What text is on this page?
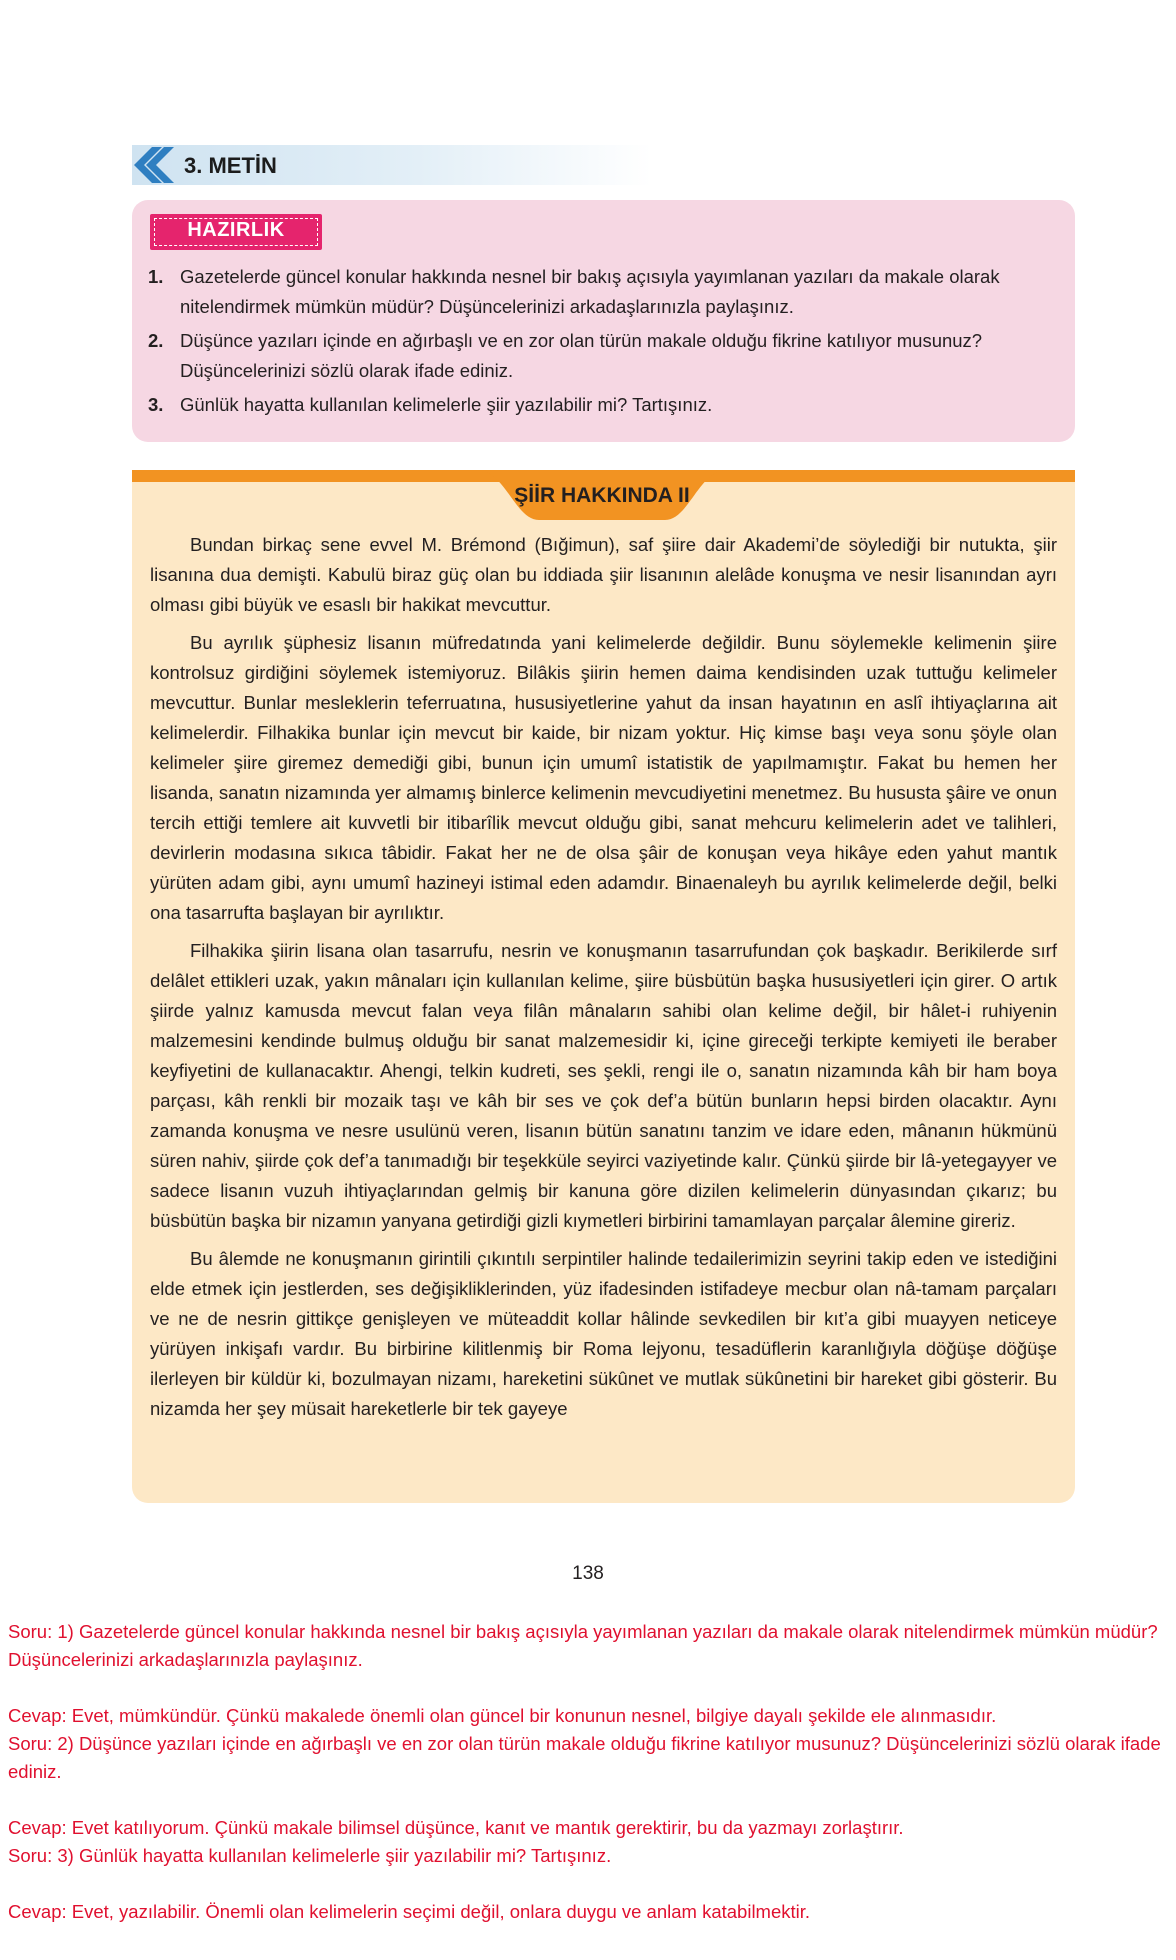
3. METİN
HAZIRLIK
1. Gazetelerde güncel konular hakkında nesnel bir bakış açısıyla yayımlanan yazıları da makale olarak nitelendirmek mümkün müdür? Düşüncelerinizi arkadaşlarınızla paylaşınız.
2. Düşünce yazıları içinde en ağırbaşlı ve en zor olan türün makale olduğu fikrine katılıyor musunuz? Düşüncelerinizi sözlü olarak ifade ediniz.
3. Günlük hayatta kullanılan kelimelerle şiir yazılabilir mi? Tartışınız.
ŞİİR HAKKINDA II

Bundan birkaç sene evvel M. Brémond (Bığimun), saf şiire dair Akademi’de söylediği bir nutukta, şiir lisanına dua demişti. Kabulü biraz güç olan bu iddiada şiir lisanının alelâde konuşma ve nesir lisanından ayrı olması gibi büyük ve esaslı bir hakikat mevcuttur.

Bu ayrılık şüphesiz lisanın müfredatında yani kelimelerde değildir. Bunu söylemekle kelimenin şiire kontrolsuz girdiğini söylemek istemiyoruz. Bilâkis şiirin hemen daima kendisinden uzak tuttuğu kelimeler mevcuttur. Bunlar mesleklerin teferruatına, hususiyetlerine yahut da insan hayatının en aslî ihtiyaçlarına ait kelimelerdir. Filhakika bunlar için mevcut bir kaide, bir nizam yoktur. Hiç kimse başı veya sonu şöyle olan kelimeler şiire giremez demediği gibi, bunun için umumî istatistik de yapılmamıştır. Fakat bu hemen her lisanda, sanatın nizamında yer almamış binlerce kelimenin mevcudiyetini menetmez. Bu hususta şâire ve onun tercih ettiği temlere ait kuvvetli bir itibarîlik mevcut olduğu gibi, sanat mehcuru kelimelerin adet ve talihleri, devirlerin modasına sıkıca tâbidir. Fakat her ne de olsa şâir de konuşan veya hikâye eden yahut mantık yürüten adam gibi, aynı umumî hazineyi istimal eden adamdır. Binaenaleyh bu ayrılık kelimelerde değil, belki ona tasarrufta başlayan bir ayrılıktır.

Filhakika şiirin lisana olan tasarrufu, nesrin ve konuşmanın tasarrufundan çok başkadır. Berikilerde sırf delâlet ettikleri uzak, yakın mânaları için kullanılan kelime, şiire büsbütün başka hususiyetleri için girer. O artık şiirde yalnız kamusda mevcut falan veya filân mânaların sahibi olan kelime değil, bir hâlet-i ruhiyenin malzemesini kendinde bulmuş olduğu bir sanat malzemesidir ki, içine gireceği terkipte kemiyeti ile beraber keyfiyetini de kullanacaktır. Ahengi, telkin kudreti, ses şekli, rengi ile o, sanatın nizamında kâh bir ham boya parçası, kâh renkli bir mozaik taşı ve kâh bir ses ve çok def’a bütün bunların hepsi birden olacaktır. Aynı zamanda konuşma ve nesre usulünü veren, lisanın bütün sanatını tanzim ve idare eden, mânanın hükmünü süren nahiv, şiirde çok def’a tanımadığı bir teşekküle seyirci vaziyetinde kalır. Çünkü şiirde bir lâ-yetegayyer ve sadece lisanın vuzuh ihtiyaçlarından gelmiş bir kanuna göre dizilen kelimelerin dünyasından çıkarız; bu büsbütün başka bir nizamın yanyana getirdiği gizli kıymetleri birbirini tamamlayan parçalar âlemine gireriz.

Bu âlemde ne konuşmanın girintili çıkıntılı serpintiler halinde tedailerimizin seyrini takip eden ve istediğini elde etmek için jestlerden, ses değişikliklerinden, yüz ifadesinden istifadeye mecbur olan nâ-tamam parçaları ve ne de nesrin gittikçe genişleyen ve müteaddit kollar hâlinde sevkedilen bir kıt’a gibi muayyen neticeye yürüyen inkişafı vardır. Bu birbirine kilitlenmiş bir Roma lejyonu, tesadüflerin karanlığıyla döğüşe döğüşe ilerleyen bir küldür ki, bozulmayan nizamı, hareketini sükûnet ve mutlak sükûnetini bir hareket gibi gösterir. Bu nizamda her şey müsait hareketlerle bir tek gayeye

138

Soru: 1) Gazetelerde güncel konular hakkında nesnel bir bakış açısıyla yayımlanan yazıları da makale olarak nitelendirmek mümkün müdür? Düşüncelerinizi arkadaşlarınızla paylaşınız.

Cevap: Evet, mümkündür. Çünkü makalede önemli olan güncel bir konunun nesnel, bilgiye dayalı şekilde ele alınmasıdır.

Soru: 2) Düşünce yazıları içinde en ağırbaşlı ve en zor olan türün makale olduğu fikrine katılıyor musunuz? Düşüncelerinizi sözlü olarak ifade ediniz.

Cevap: Evet katılıyorum. Çünkü makale bilimsel düşünce, kanıt ve mantık gerektirir, bu da yazmayı zorlaştırır.

Soru: 3) Günlük hayatta kullanılan kelimelerle şiir yazılabilir mi? Tartışınız.

Cevap: Evet, yazılabilir. Önemli olan kelimelerin seçimi değil, onlara duygu ve anlam katabilmektir.
